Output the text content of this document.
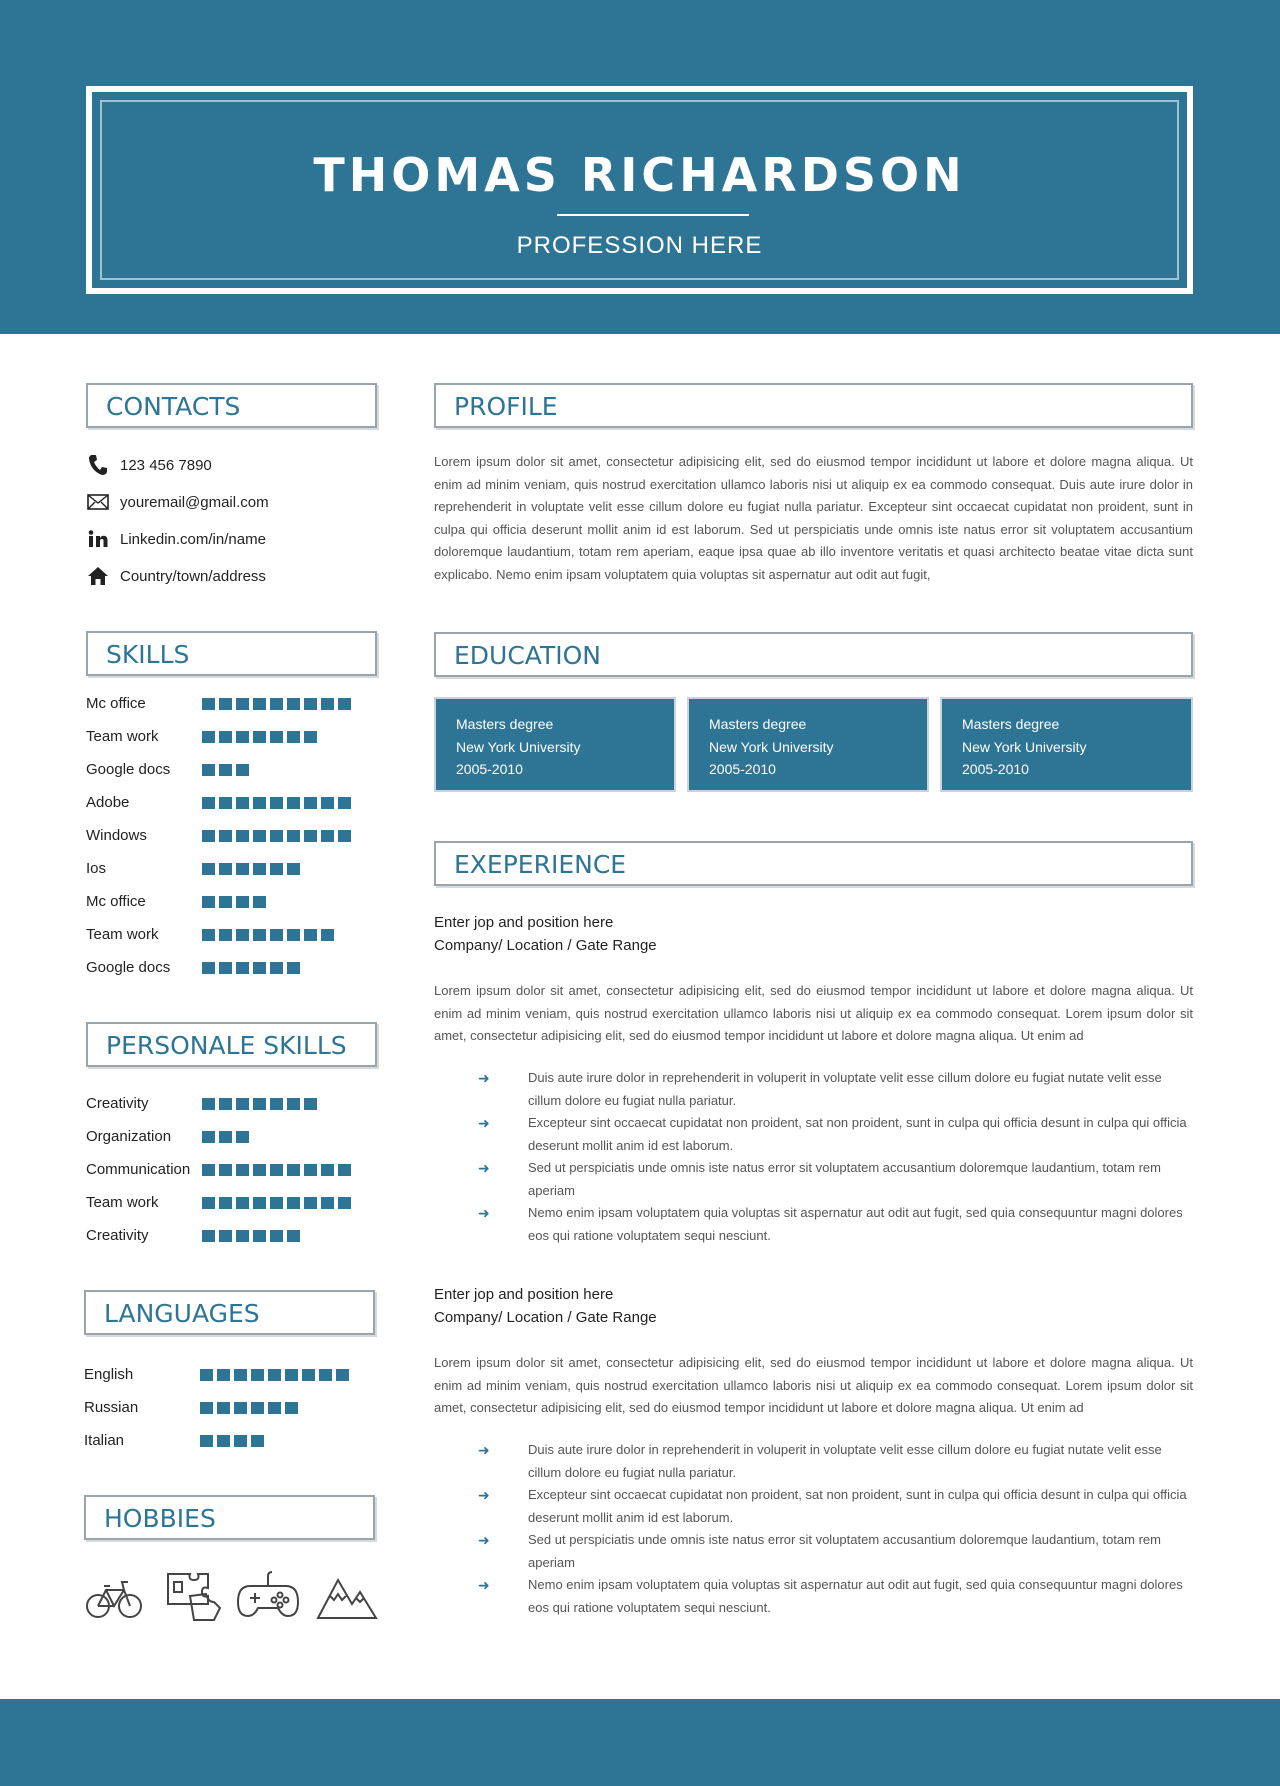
THOMAS RICHARDSON
PROFESSION HERE
CONTACTS
123 456 7890
youremail@gmail.com
Linkedin.com/in/name
Country/town/address
SKILLS
Mc office
Team work
Google docs
Adobe
Windows
Ios
Mc office
Team work
Google docs
PERSONALE SKILLS
Creativity
Organization
Communication
Team work
Creativity
LANGUAGES
English
Russian
Italian
HOBBIES
PROFILE
Lorem ipsum dolor sit amet, consectetur adipisicing elit, sed do eiusmod tempor incididunt ut labore et dolore magna aliqua. Ut enim ad minim veniam, quis nostrud exercitation ullamco laboris nisi ut aliquip ex ea commodo consequat. Duis aute irure dolor in reprehenderit in voluptate velit esse cillum dolore eu fugiat nulla pariatur. Excepteur sint occaecat cupidatat non proident, sunt in culpa qui officia deserunt mollit anim id est laborum. Sed ut perspiciatis unde omnis iste natus error sit voluptatem accusantium doloremque laudantium, totam rem aperiam, eaque ipsa quae ab illo inventore veritatis et quasi architecto beatae vitae dicta sunt explicabo. Nemo enim ipsam voluptatem quia voluptas sit aspernatur aut odit aut fugit,
EDUCATION
Masters degree
New York University
2005-2010
Masters degree
New York University
2005-2010
Masters degree
New York University
2005-2010
EXEPERIENCE
Enter jop and position here
Company/ Location / Gate Range
Lorem ipsum dolor sit amet, consectetur adipisicing elit, sed do eiusmod tempor incididunt ut labore et dolore magna aliqua. Ut enim ad minim veniam, quis nostrud exercitation ullamco laboris nisi ut aliquip ex ea commodo consequat. Lorem ipsum dolor sit amet, consectetur adipisicing elit, sed do eiusmod tempor incididunt ut labore et dolore magna aliqua. Ut enim ad
➜	Duis aute irure dolor in reprehenderit in voluperit in voluptate velit esse cillum dolore eu fugiat nutate velit esse cillum dolore eu fugiat nulla pariatur.
➜	Excepteur sint occaecat cupidatat non proident, sat non proident, sunt in culpa qui officia desunt in culpa qui officia deserunt mollit anim id est laborum.
➜	Sed ut perspiciatis unde omnis iste natus error sit voluptatem accusantium doloremque laudantium, totam rem aperiam
➜	Nemo enim ipsam voluptatem quia voluptas sit aspernatur aut odit aut fugit, sed quia consequuntur magni dolores eos qui ratione voluptatem sequi nesciunt.
Enter jop and position here
Company/ Location / Gate Range
Lorem ipsum dolor sit amet, consectetur adipisicing elit, sed do eiusmod tempor incididunt ut labore et dolore magna aliqua. Ut enim ad minim veniam, quis nostrud exercitation ullamco laboris nisi ut aliquip ex ea commodo consequat. Lorem ipsum dolor sit amet, consectetur adipisicing elit, sed do eiusmod tempor incididunt ut labore et dolore magna aliqua. Ut enim ad
➜	Duis aute irure dolor in reprehenderit in voluperit in voluptate velit esse cillum dolore eu fugiat nutate velit esse cillum dolore eu fugiat nulla pariatur.
➜	Excepteur sint occaecat cupidatat non proident, sat non proident, sunt in culpa qui officia desunt in culpa qui officia deserunt mollit anim id est laborum.
➜	Sed ut perspiciatis unde omnis iste natus error sit voluptatem accusantium doloremque laudantium, totam rem aperiam
➜	Nemo enim ipsam voluptatem quia voluptas sit aspernatur aut odit aut fugit, sed quia consequuntur magni dolores eos qui ratione voluptatem sequi nesciunt.
